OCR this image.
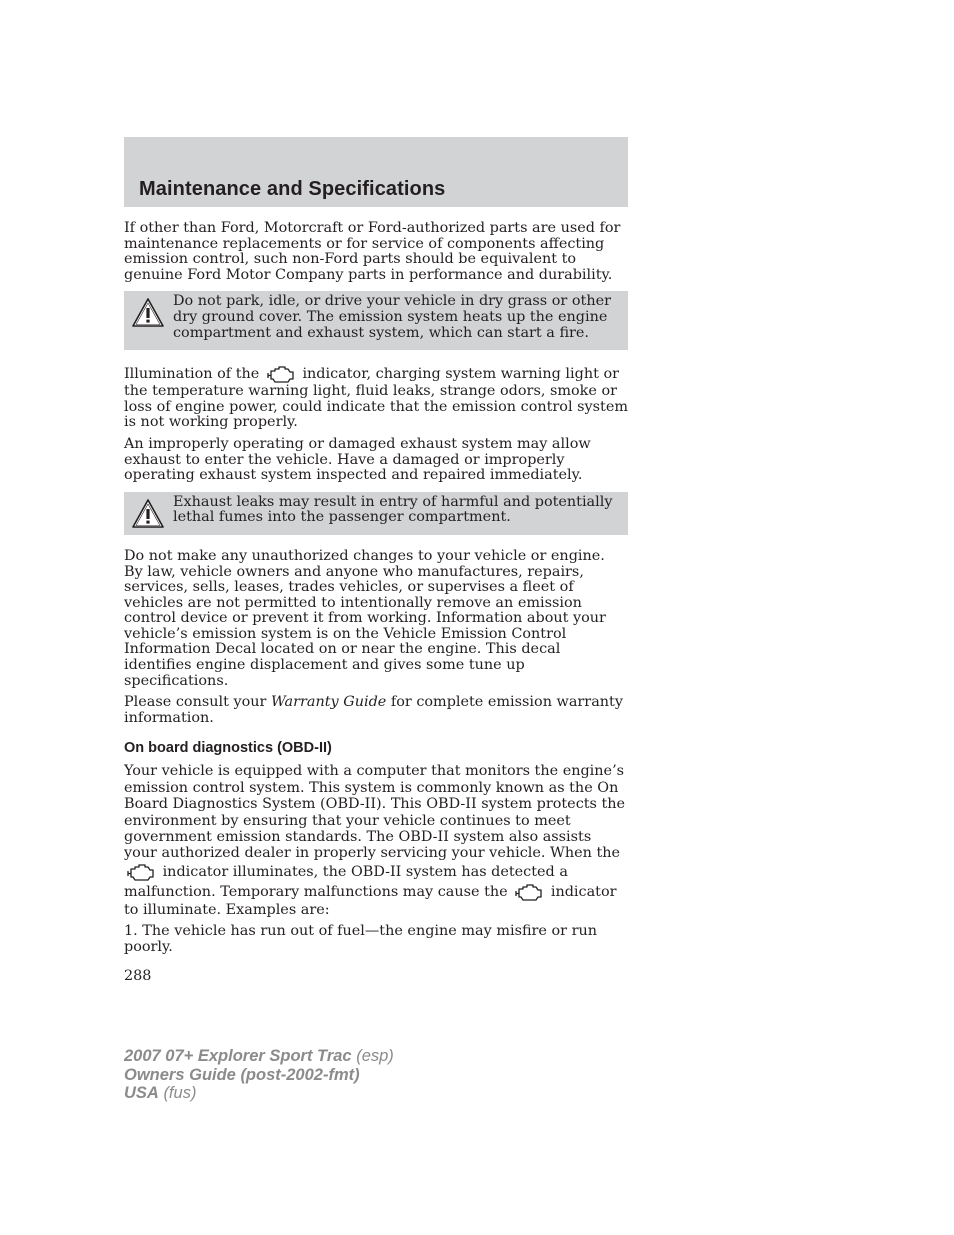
Maintenance and Specifications

If other than Ford, Motorcraft or Ford-authorized parts are used for maintenance replacements or for service of components affecting emission control, such non-Ford parts should be equivalent to genuine Ford Motor Company parts in performance and durability.

Do not park, idle, or drive your vehicle in dry grass or other dry ground cover. The emission system heats up the engine compartment and exhaust system, which can start a fire.

Illumination of the	indicator, charging system warning light or the temperature warning light, fluid leaks, strange odors, smoke or loss of engine power, could indicate that the emission control system is not working properly.

An improperly operating or damaged exhaust system may allow exhaust to enter the vehicle. Have a damaged or improperly operating exhaust system inspected and repaired immediately.

Exhaust leaks may result in entry of harmful and potentially lethal fumes into the passenger compartment.

Do not make any unauthorized changes to your vehicle or engine. By law, vehicle owners and anyone who manufactures, repairs, services, sells, leases, trades vehicles, or supervises a fleet of vehicles are not permitted to intentionally remove an emission control device or prevent it from working. Information about your vehicle’s emission system is on the Vehicle Emission Control Information Decal located on or near the engine. This decal identifies engine displacement and gives some tune up specifications.

Please consult your Warranty Guide for complete emission warranty information.

On board diagnostics (OBD-II)

Your vehicle is equipped with a computer that monitors the engine’s emission control system. This system is commonly known as the On Board Diagnostics System (OBD-II). This OBD-II system protects the environment by ensuring that your vehicle continues to meet government emission standards. The OBD-II system also assists your authorized dealer in properly servicing your vehicle. When the
indicator illuminates, the OBD-II system has detected a malfunction. Temporary malfunctions may cause the	indicator to illuminate. Examples are:

1. The vehicle has run out of fuel—the engine may misfire or run poorly.

288
2007 07+ Explorer Sport Trac (esp)
Owners Guide (post-2002-fmt)
USA (fus)
